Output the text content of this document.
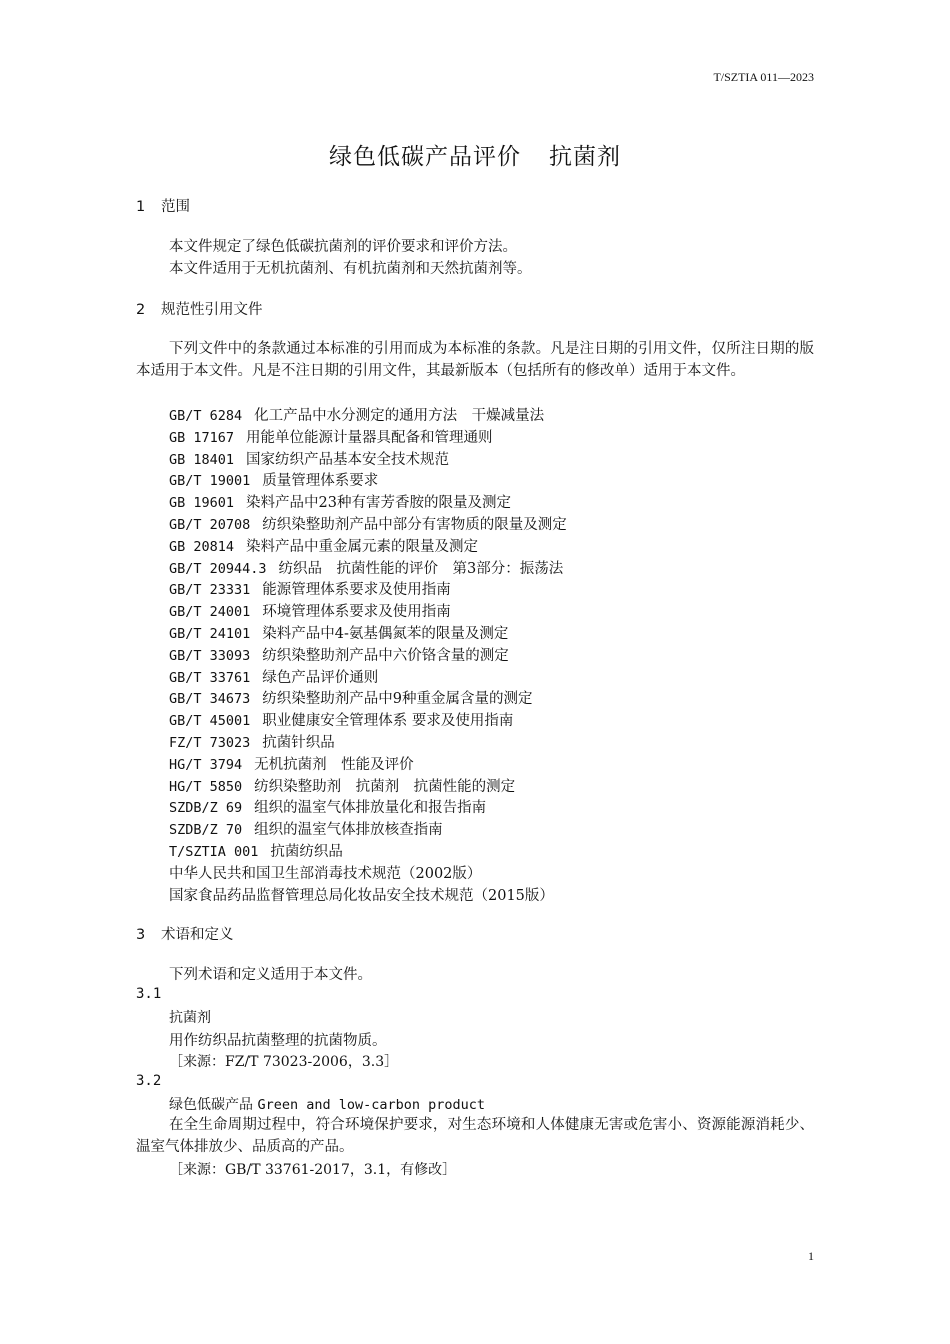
T/SZTIA 011—2023
绿色低碳产品评价 抗菌剂
1 范围
本文件规定了绿色低碳抗菌剂的评价要求和评价方法。
本文件适用于无机抗菌剂、有机抗菌剂和天然抗菌剂等。
2 规范性引用文件
下列文件中的条款通过本标准的引用而成为本标准的条款。凡是注日期的引用文件，仅所注日期的版本适用于本文件。凡是不注日期的引用文件，其最新版本（包括所有的修改单）适用于本文件。
GB/T 6284 化工产品中水分测定的通用方法　干燥减量法
GB 17167 用能单位能源计量器具配备和管理通则
GB 18401 国家纺织产品基本安全技术规范
GB/T 19001 质量管理体系要求
GB 19601 染料产品中23种有害芳香胺的限量及测定
GB/T 20708 纺织染整助剂产品中部分有害物质的限量及测定
GB 20814 染料产品中重金属元素的限量及测定
GB/T 20944.3 纺织品　抗菌性能的评价　第3部分：振荡法
GB/T 23331 能源管理体系要求及使用指南
GB/T 24001 环境管理体系要求及使用指南
GB/T 24101 染料产品中4-氨基偶氮苯的限量及测定
GB/T 33093 纺织染整助剂产品中六价铬含量的测定
GB/T 33761 绿色产品评价通则
GB/T 34673 纺织染整助剂产品中9种重金属含量的测定
GB/T 45001 职业健康安全管理体系 要求及使用指南
FZ/T 73023 抗菌针织品
HG/T 3794 无机抗菌剂　性能及评价
HG/T 5850 纺织染整助剂　抗菌剂　抗菌性能的测定
SZDB/Z 69 组织的温室气体排放量化和报告指南
SZDB/Z 70 组织的温室气体排放核查指南
T/SZTIA 001 抗菌纺织品
中华人民共和国卫生部消毒技术规范（2002版）
国家食品药品监督管理总局化妆品安全技术规范（2015版）
3 术语和定义
下列术语和定义适用于本文件。
3.1
抗菌剂
用作纺织品抗菌整理的抗菌物质。
［来源：FZ/T 73023-2006，3.3］
3.2
绿色低碳产品 Green and low-carbon product
在全生命周期过程中，符合环境保护要求，对生态环境和人体健康无害或危害小、资源能源消耗少、温室气体排放少、品质高的产品。
［来源：GB/T 33761-2017，3.1，有修改］
1
